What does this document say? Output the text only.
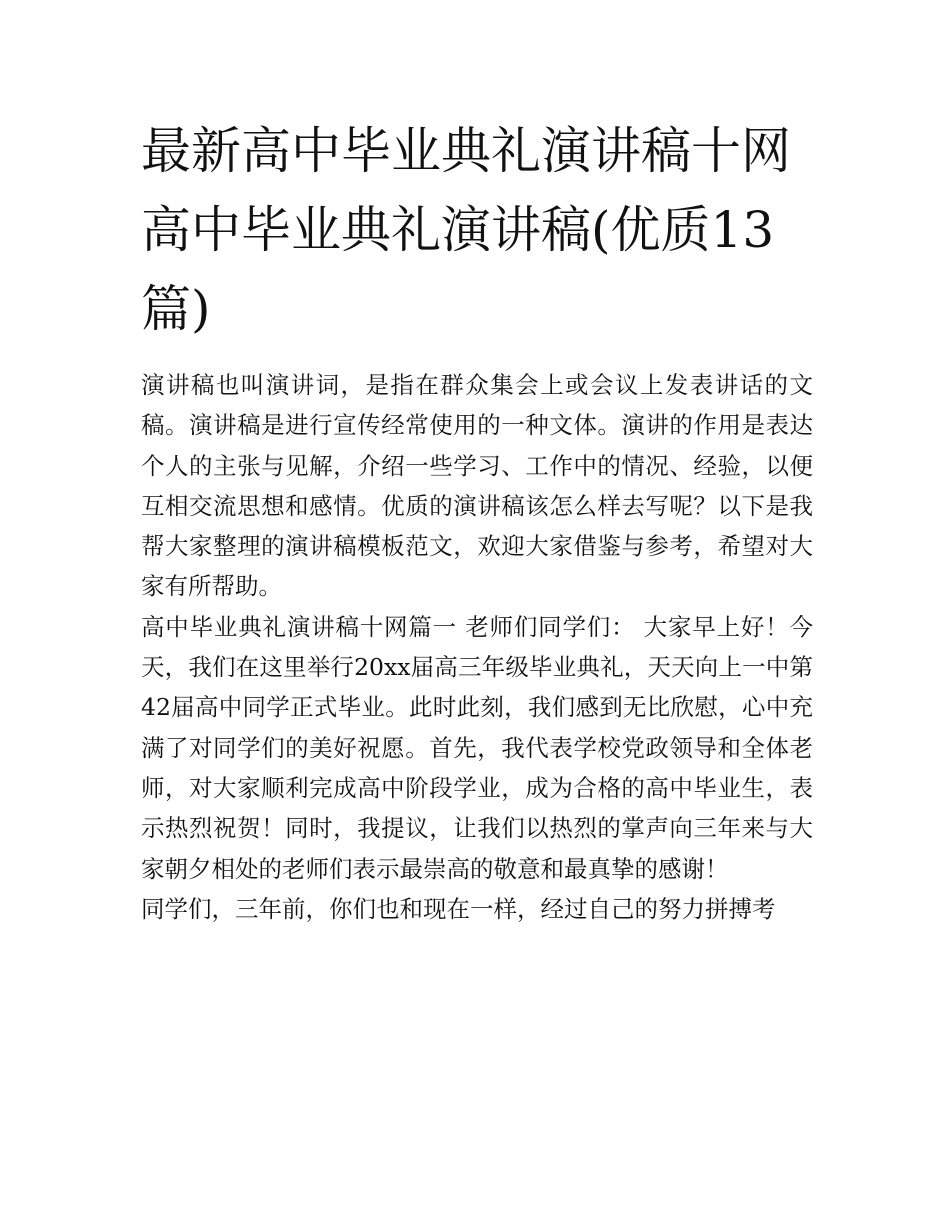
最新高中毕业典礼演讲稿十网高中毕业典礼演讲稿(优质13篇)

演讲稿也叫演讲词，是指在群众集会上或会议上发表讲话的文稿。演讲稿是进行宣传经常使用的一种文体。演讲的作用是表达个人的主张与见解，介绍一些学习、工作中的情况、经验，以便互相交流思想和感情。优质的演讲稿该怎么样去写呢？以下是我帮大家整理的演讲稿模板范文，欢迎大家借鉴与参考，希望对大家有所帮助。

高中毕业典礼演讲稿十网篇一 老师们同学们： 大家早上好！今天，我们在这里举行20xx届高三年级毕业典礼，天天向上一中第42届高中同学正式毕业。此时此刻，我们感到无比欣慰，心中充满了对同学们的美好祝愿。首先，我代表学校党政领导和全体老师，对大家顺利完成高中阶段学业，成为合格的高中毕业生，表示热烈祝贺！同时，我提议，让我们以热烈的掌声向三年来与大家朝夕相处的老师们表示最崇高的敬意和最真挚的感谢！

同学们，三年前，你们也和现在一样，经过自己的努力拼搏考
